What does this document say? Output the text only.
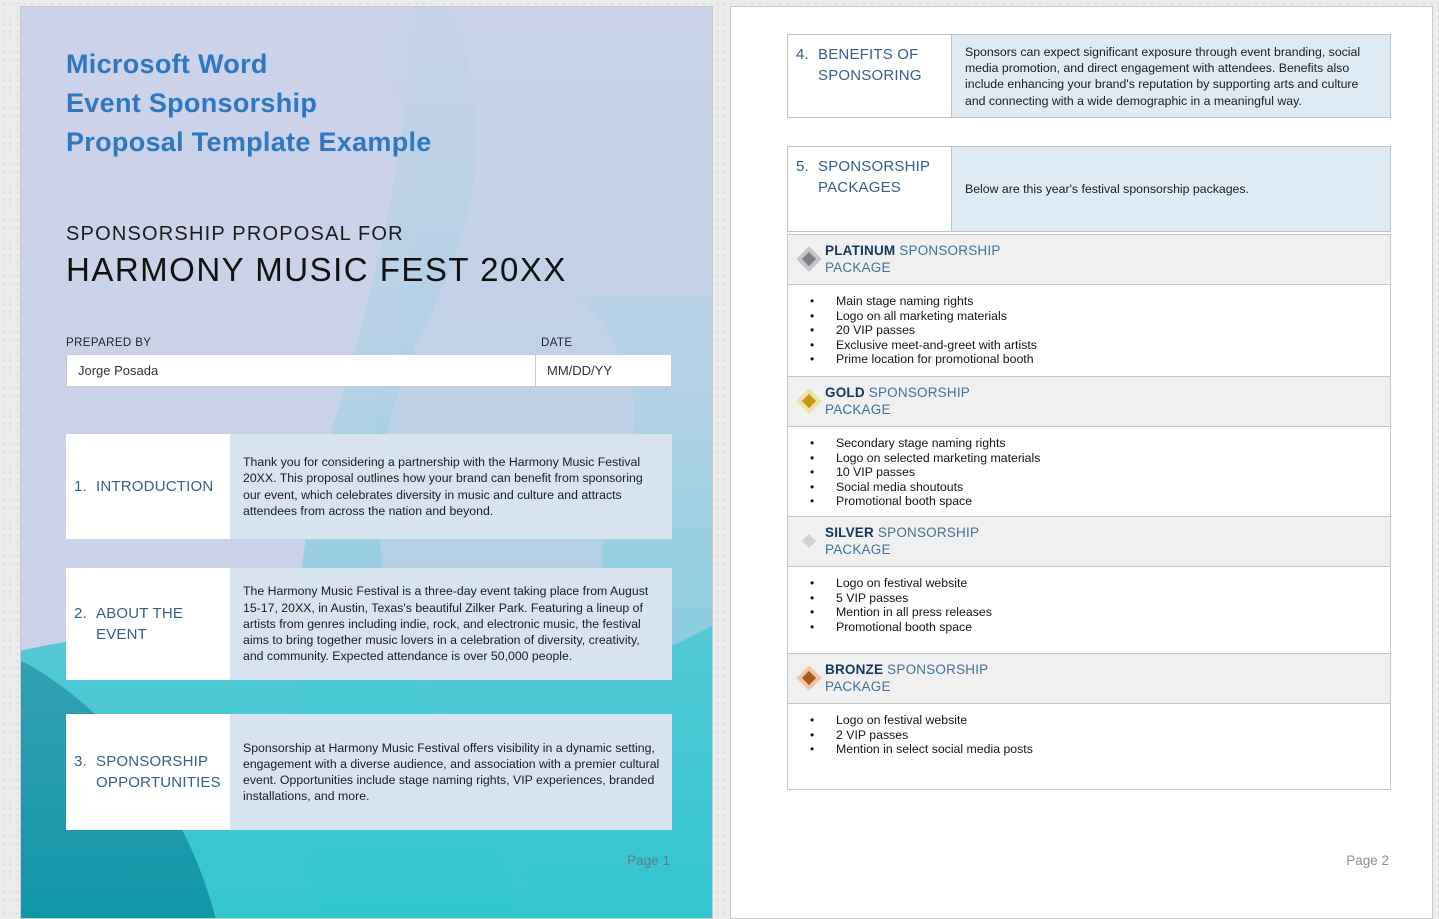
Microsoft Word
Event Sponsorship
Proposal Template Example
SPONSORSHIP PROPOSAL FOR
HARMONY MUSIC FEST 20XX
PREPARED BY	DATE
Jorge Posada
MM/DD/YY
1. INTRODUCTION
Thank you for considering a partnership with the Harmony Music Festival 20XX. This proposal outlines how your brand can benefit from sponsoring our event, which celebrates diversity in music and culture and attracts attendees from across the nation and beyond.
2. ABOUT THE EVENT
The Harmony Music Festival is a three-day event taking place from August 15-17, 20XX, in Austin, Texas's beautiful Zilker Park. Featuring a lineup of artists from genres including indie, rock, and electronic music, the festival aims to bring together music lovers in a celebration of diversity, creativity, and community. Expected attendance is over 50,000 people.
3. SPONSORSHIP OPPORTUNITIES
Sponsorship at Harmony Music Festival offers visibility in a dynamic setting, engagement with a diverse audience, and association with a premier cultural event. Opportunities include stage naming rights, VIP experiences, branded installations, and more.
Page 1
4. BENEFITS OF SPONSORING
Sponsors can expect significant exposure through event branding, social media promotion, and direct engagement with attendees. Benefits also include enhancing your brand's reputation by supporting arts and culture and connecting with a wide demographic in a meaningful way.
5. SPONSORSHIP PACKAGES	Below are this year's festival sponsorship packages.
PLATINUM SPONSORSHIP PACKAGE
• Main stage naming rights
• Logo on all marketing materials
• 20 VIP passes
• Exclusive meet-and-greet with artists
• Prime location for promotional booth
GOLD SPONSORSHIP PACKAGE
• Secondary stage naming rights
• Logo on selected marketing materials
• 10 VIP passes
• Social media shoutouts
• Promotional booth space
SILVER SPONSORSHIP PACKAGE
• Logo on festival website
• 5 VIP passes
• Mention in all press releases
• Promotional booth space
BRONZE SPONSORSHIP PACKAGE
• Logo on festival website
• 2 VIP passes
• Mention in select social media posts
Page 2
